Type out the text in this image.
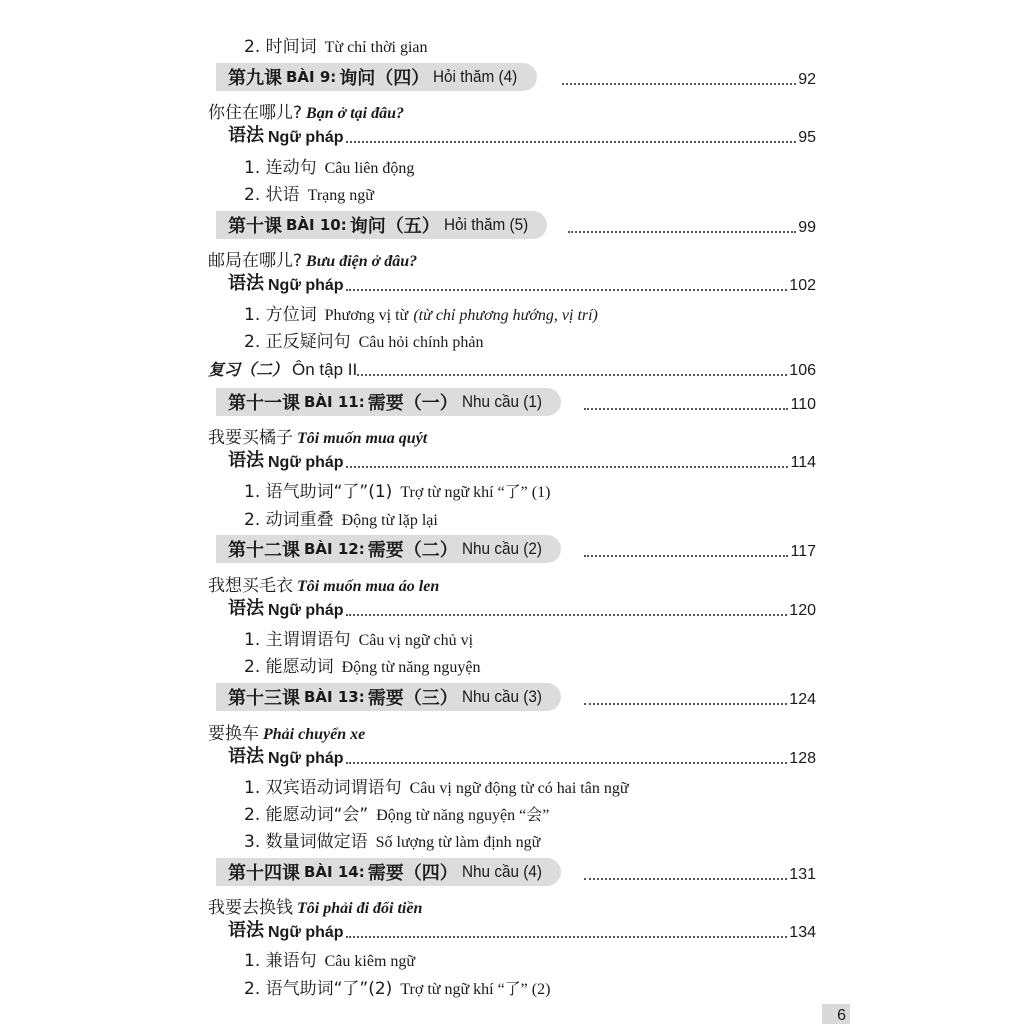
2. 时间词 Từ chỉ thời gian
第九课 BÀI 9: 询问（四） Hỏi thăm (4)	92
你住在哪儿? Bạn ở tại đâu?
语法 Ngữ pháp	95
1. 连动句 Câu liên động
2. 状语 Trạng ngữ
第十课 BÀI 10: 询问（五） Hỏi thăm (5)	99
邮局在哪儿? Bưu điện ở đâu?
语法 Ngữ pháp	102
1. 方位词 Phương vị từ (từ chỉ phương hướng, vị trí)
2. 正反疑问句 Câu hỏi chính phản
复习（二） Ôn tập II	106
第十一课 BÀI 11: 需要（一） Nhu cầu (1)	110
我要买橘子 Tôi muốn mua quýt
语法 Ngữ pháp	114
1. 语气助词“了”(1) Trợ từ ngữ khí “了” (1)
2. 动词重叠 Động từ lặp lại
第十二课 BÀI 12: 需要（二） Nhu cầu (2)	117
我想买毛衣 Tôi muốn mua áo len
语法 Ngữ pháp	120
1. 主谓谓语句 Câu vị ngữ chủ vị
2. 能愿动词 Động từ năng nguyện
第十三课 BÀI 13: 需要（三） Nhu cầu (3)	124
要换车 Phải chuyển xe
语法 Ngữ pháp	128
1. 双宾语动词谓语句 Câu vị ngữ động từ có hai tân ngữ
2. 能愿动词“会” Động từ năng nguyện “会”
3. 数量词做定语 Số lượng từ làm định ngữ
第十四课 BÀI 14: 需要（四） Nhu cầu (4)	131
我要去换钱 Tôi phải đi đổi tiền
语法 Ngữ pháp	134
1. 兼语句 Câu kiêm ngữ
2. 语气助词“了”(2) Trợ từ ngữ khí “了” (2)
6
